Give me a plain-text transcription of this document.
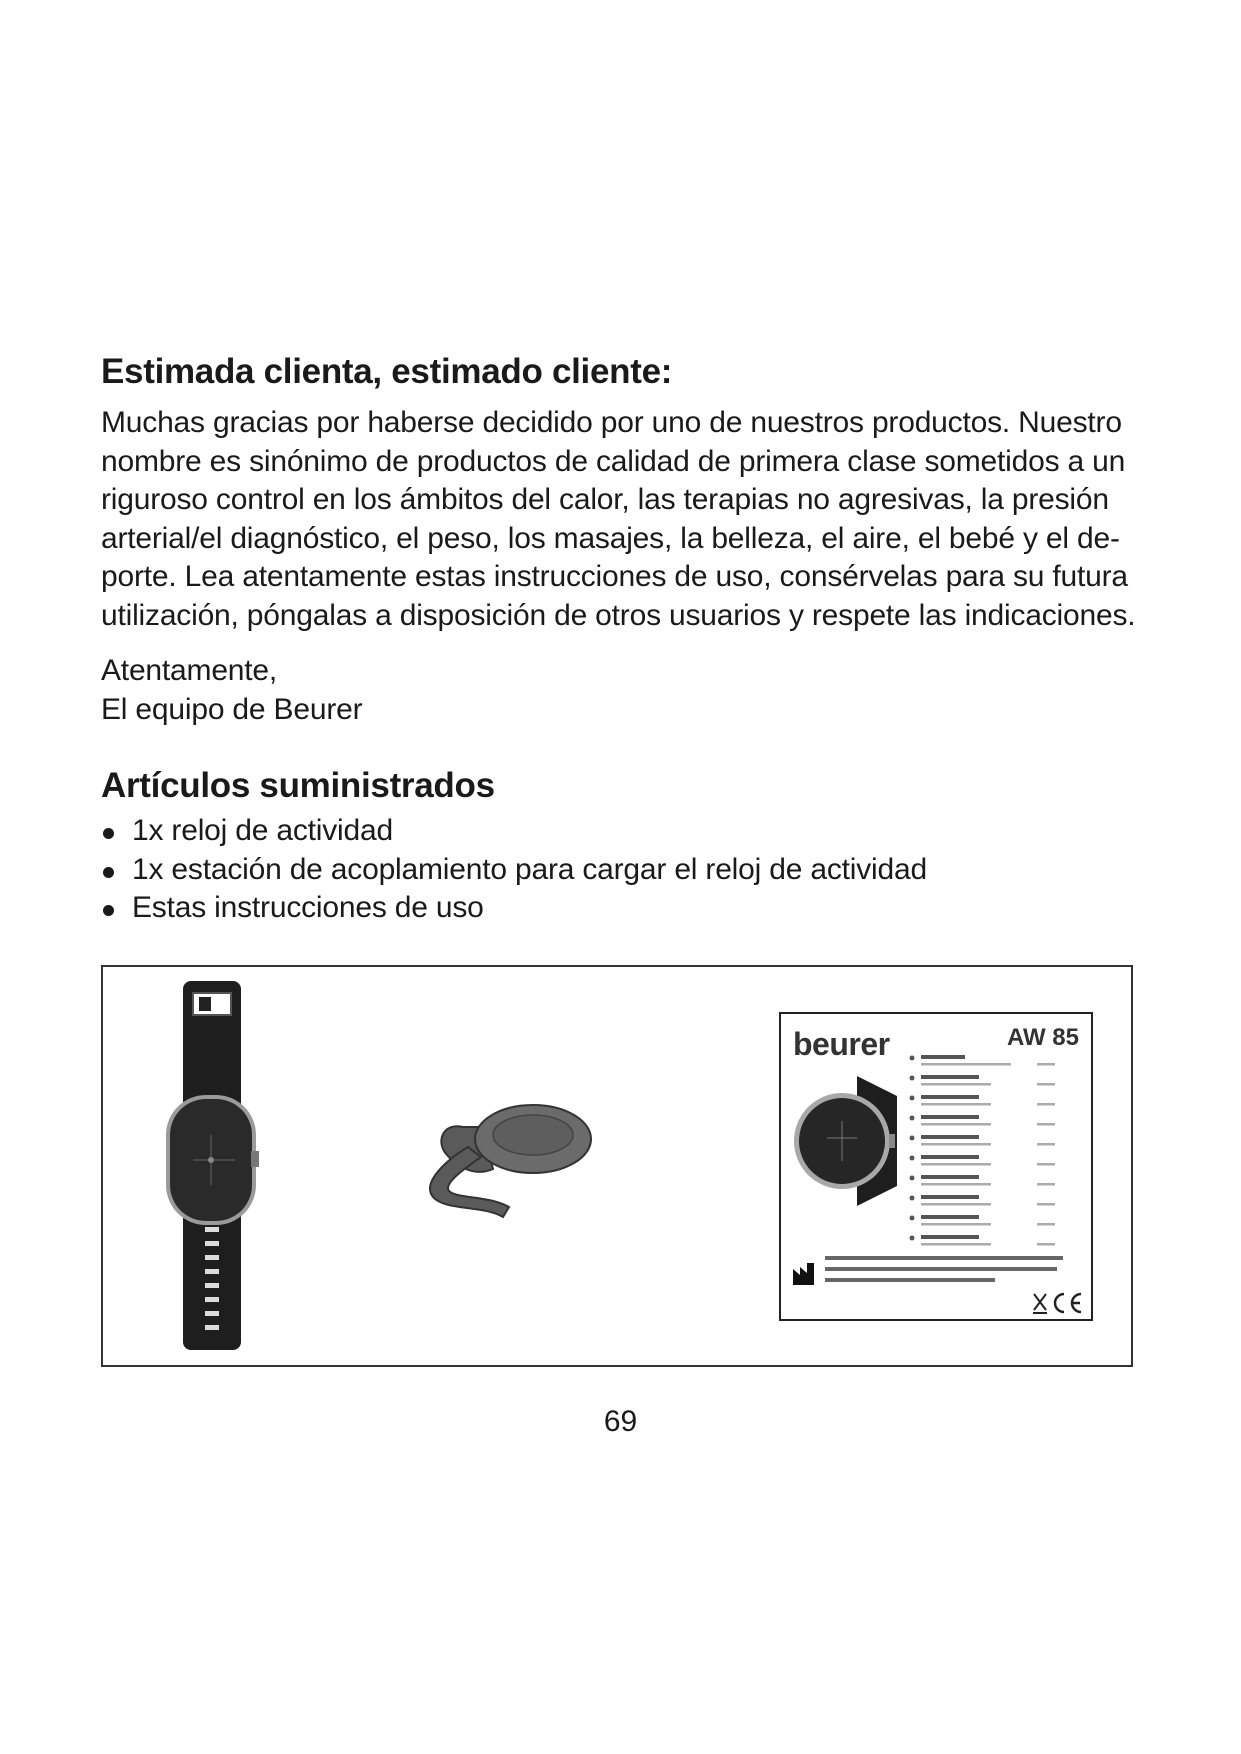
Estimada clienta, estimado cliente:

Muchas gracias por haberse decidido por uno de nuestros productos. Nuestro
nombre es sinónimo de productos de calidad de primera clase sometidos a un
riguroso control en los ámbitos del calor, las terapias no agresivas, la presión
arterial/el diagnóstico, el peso, los masajes, la belleza, el aire, el bebé y el de-
porte. Lea atentamente estas instrucciones de uso, consérvelas para su futura
utilización, póngalas a disposición de otros usuarios y respete las indicaciones.

Atentamente,
El equipo de Beurer

Artículos suministrados
1x reloj de actividad
1x estación de acoplamiento para cargar el reloj de actividad
Estas instrucciones de uso
beurer	AW 85
69
